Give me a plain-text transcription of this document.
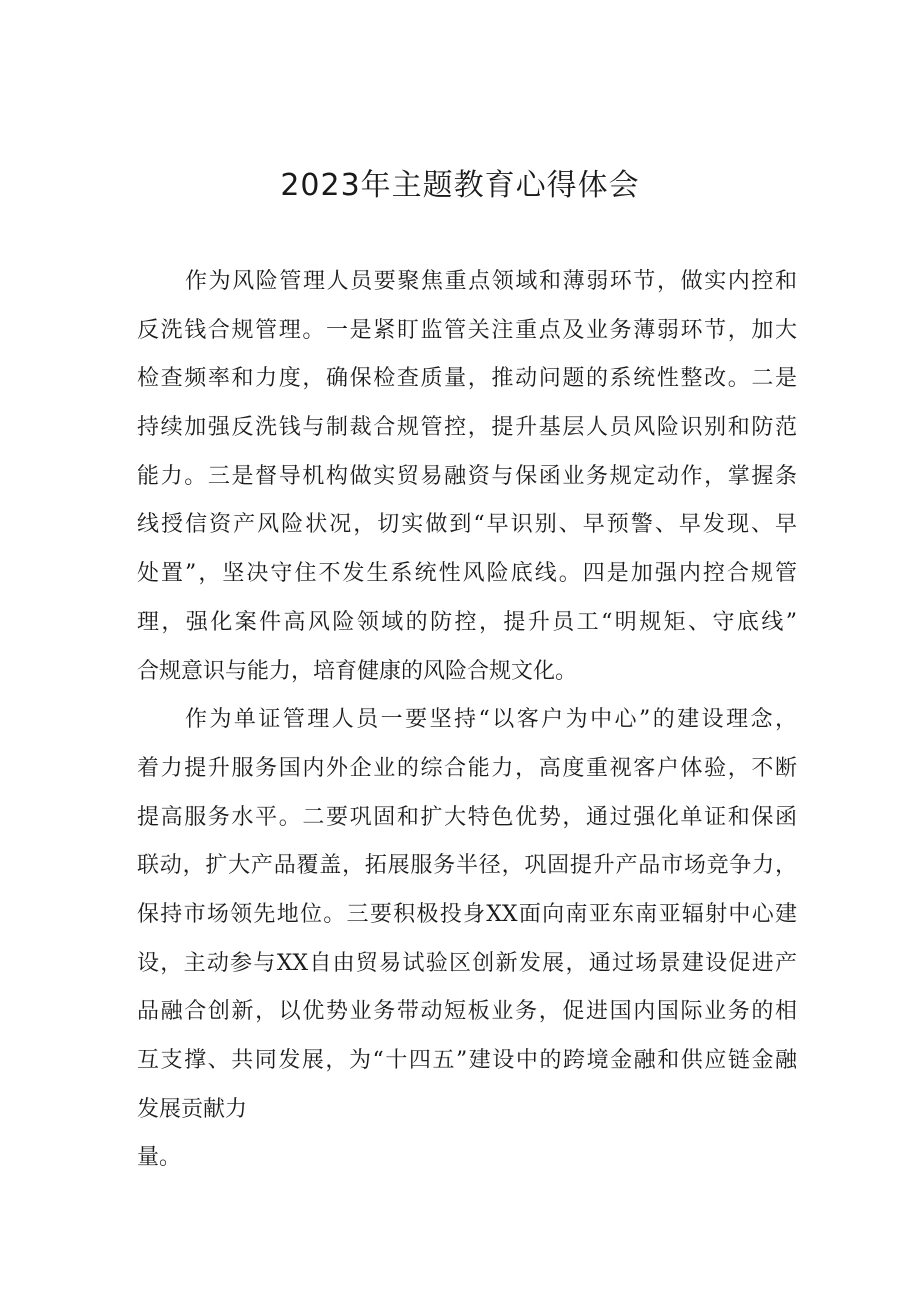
2023年主题教育心得体会
作为风险管理人员要聚焦重点领域和薄弱环节，做实内控和
反洗钱合规管理。一是紧盯监管关注重点及业务薄弱环节，加大
检查频率和力度，确保检查质量，推动问题的系统性整改。二是
持续加强反洗钱与制裁合规管控，提升基层人员风险识别和防范
能力。三是督导机构做实贸易融资与保函业务规定动作，掌握条
线授信资产风险状况，切实做到“早识别、早预警、早发现、早
处置”，坚决守住不发生系统性风险底线。四是加强内控合规管
理，强化案件高风险领域的防控，提升员工“明规矩、守底线”
合规意识与能力，培育健康的风险合规文化。
作为单证管理人员一要坚持“以客户为中心”的建设理念，
着力提升服务国内外企业的综合能力，高度重视客户体验，不断
提高服务水平。二要巩固和扩大特色优势，通过强化单证和保函
联动，扩大产品覆盖，拓展服务半径，巩固提升产品市场竞争力，
保持市场领先地位。三要积极投身XX面向南亚东南亚辐射中心建
设，主动参与XX自由贸易试验区创新发展，通过场景建设促进产
品融合创新，以优势业务带动短板业务，促进国内国际业务的相
互支撑、共同发展，为“十四五”建设中的跨境金融和供应链金融
发展贡献力
量。
